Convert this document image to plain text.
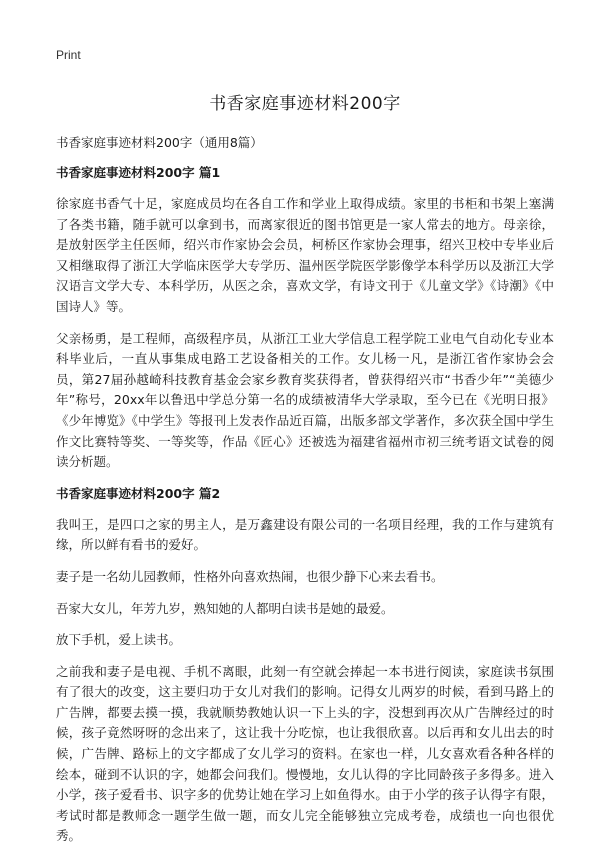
Print
书香家庭事迹材料200字

书香家庭事迹材料200字（通用8篇）

书香家庭事迹材料200字 篇1

徐家庭书香气十足，家庭成员均在各自工作和学业上取得成绩。家里的书柜和书架上塞满了各类书籍，随手就可以拿到书，而离家很近的图书馆更是一家人常去的地方。母亲徐，是放射医学主任医师，绍兴市作家协会会员，柯桥区作家协会理事，绍兴卫校中专毕业后又相继取得了浙江大学临床医学大专学历、温州医学院医学影像学本科学历以及浙江大学汉语言文学大专、本科学历，从医之余，喜欢文学，有诗文刊于《儿童文学》《诗潮》《中国诗人》等。

父亲杨勇，是工程师，高级程序员，从浙江工业大学信息工程学院工业电气自动化专业本科毕业后，一直从事集成电路工艺设备相关的工作。女儿杨一凡，是浙江省作家协会会员，第27届孙越崎科技教育基金会家乡教育奖获得者，曾获得绍兴市“书香少年”“美德少年”称号，20xx年以鲁迅中学总分第一名的成绩被清华大学录取，至今已在《光明日报》《少年博览》《中学生》等报刊上发表作品近百篇，出版多部文学著作，多次获全国中学生作文比赛特等奖、一等奖等，作品《匠心》还被选为福建省福州市初三统考语文试卷的阅读分析题。

书香家庭事迹材料200字 篇2

我叫王，是四口之家的男主人，是万鑫建设有限公司的一名项目经理，我的工作与建筑有缘，所以鲜有看书的爱好。

妻子是一名幼儿园教师，性格外向喜欢热闹，也很少静下心来去看书。

吾家大女儿，年芳九岁，熟知她的人都明白读书是她的最爱。

放下手机，爱上读书。

之前我和妻子是电视、手机不离眼，此刻一有空就会捧起一本书进行阅读，家庭读书氛围有了很大的改变，这主要归功于女儿对我们的影响。记得女儿两岁的时候，看到马路上的广告牌，都要去摸一摸，我就顺势教她认识一下上头的字，没想到再次从广告牌经过的时候，孩子竟然呀呀的念出来了，这让我十分吃惊，也让我很欣喜。以后再和女儿出去的时候，广告牌、路标上的文字都成了女儿学习的资料。在家也一样，儿女喜欢看各种各样的绘本，碰到不认识的字，她都会问我们。慢慢地，女儿认得的字比同龄孩子多得多。进入小学，孩子爱看书、识字多的优势让她在学习上如鱼得水。由于小学的孩子认得字有限，考试时都是教师念一题学生做一题，而女儿完全能够独立完成考卷，成绩也一向也很优秀。
